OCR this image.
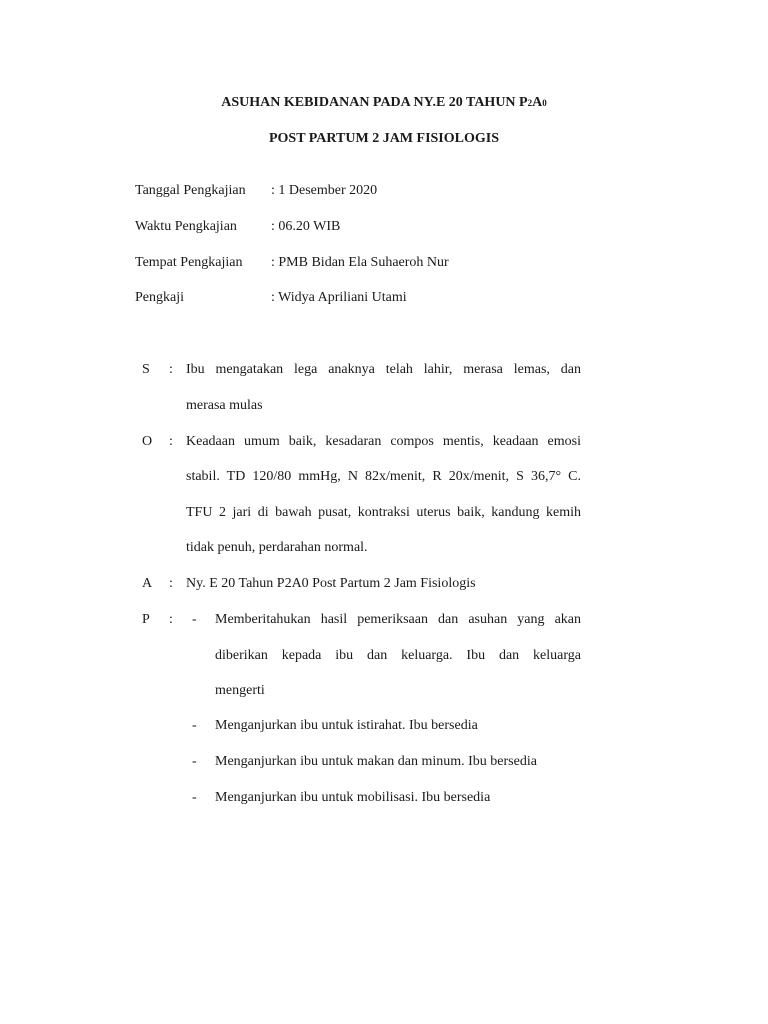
ASUHAN KEBIDANAN PADA NY.E 20 TAHUN P2A0
POST PARTUM 2 JAM FISIOLOGIS
Tanggal Pengkajian : 1 Desember 2020
Waktu Pengkajian : 06.20 WIB
Tempat Pengkajian : PMB Bidan Ela Suhaeroh Nur
Pengkaji	: Widya Apriliani Utami
S : Ibu mengatakan lega anaknya telah lahir, merasa lemas, dan
merasa mulas
O : Keadaan umum baik, kesadaran compos mentis, keadaan emosi
stabil. TD 120/80 mmHg, N 82x/menit, R 20x/menit, S 36,7° C.
TFU 2 jari di bawah pusat, kontraksi uterus baik, kandung kemih
tidak penuh, perdarahan normal.
A : Ny. E 20 Tahun P2A0 Post Partum 2 Jam Fisiologis
P : - Memberitahukan hasil pemeriksaan dan asuhan yang akan
diberikan kepada ibu dan keluarga. Ibu dan keluarga
mengerti
- Menganjurkan ibu untuk istirahat. Ibu bersedia
- Menganjurkan ibu untuk makan dan minum. Ibu bersedia
- Menganjurkan ibu untuk mobilisasi. Ibu bersedia
